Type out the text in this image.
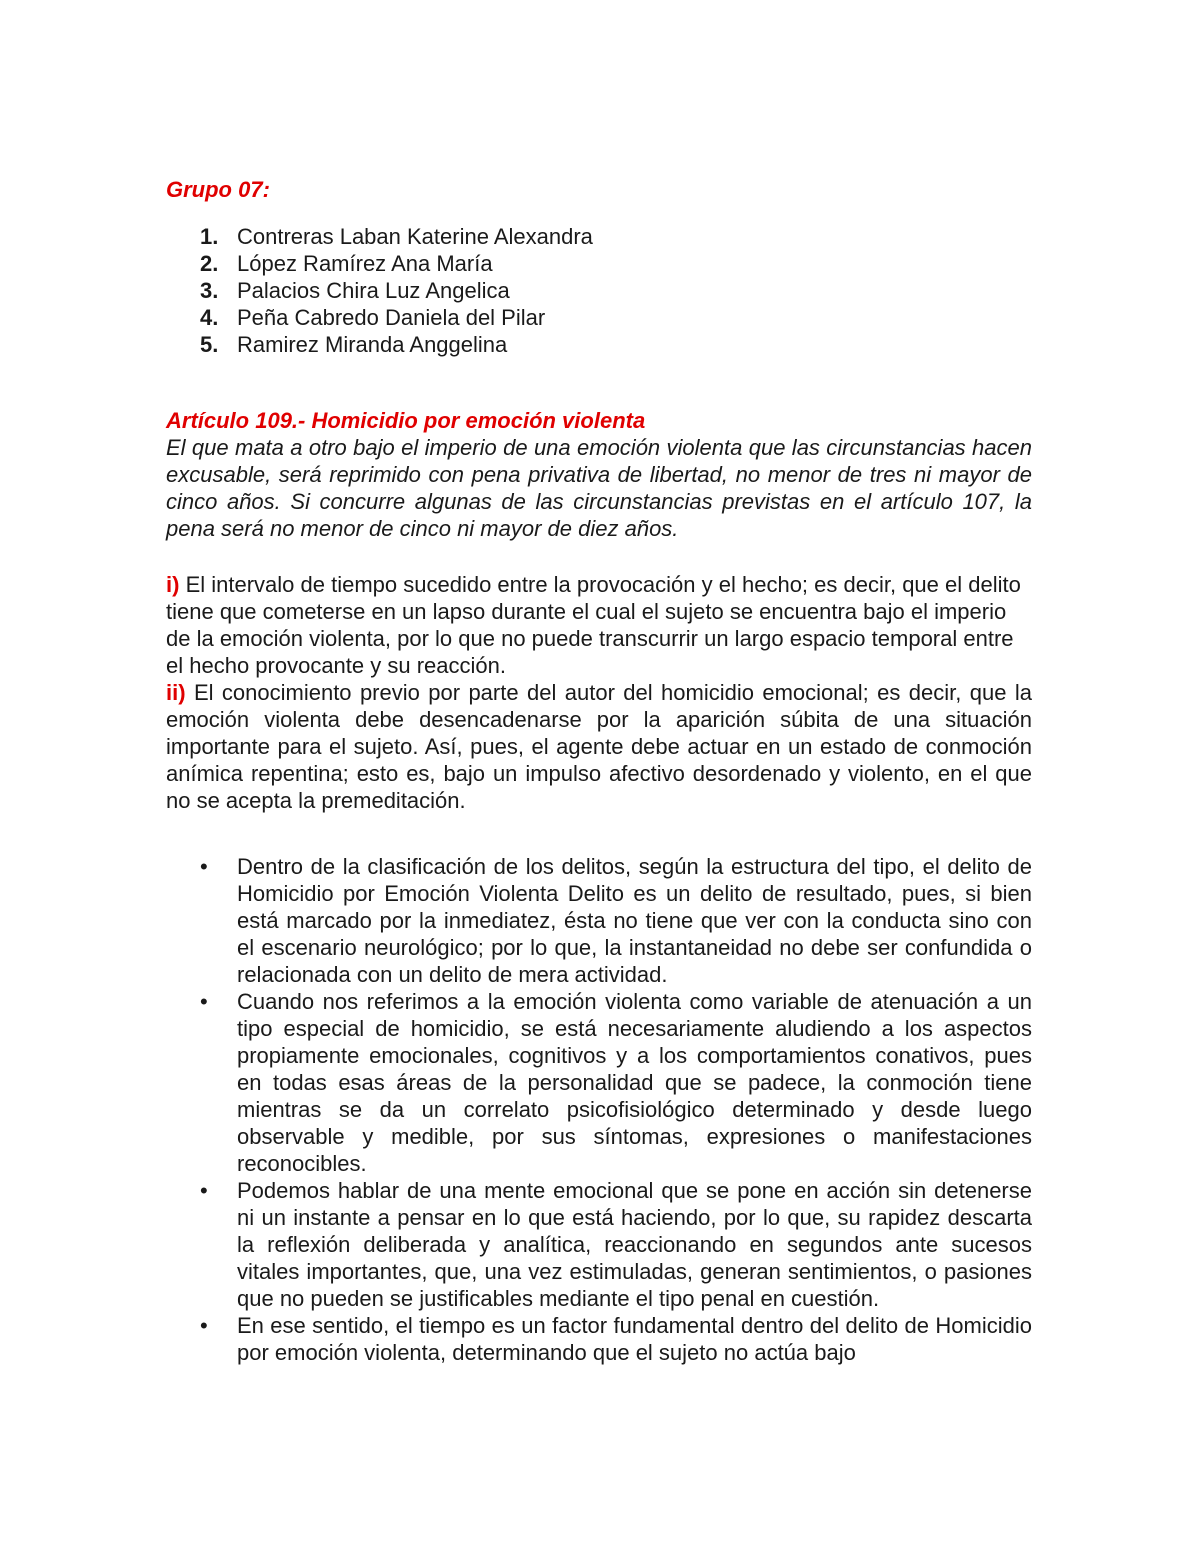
Grupo 07:
1. Contreras Laban Katerine Alexandra
2. López Ramírez Ana María
3. Palacios Chira Luz Angelica
4. Peña Cabredo Daniela del Pilar
5. Ramirez Miranda Anggelina

Artículo 109.- Homicidio por emoción violenta

El que mata a otro bajo el imperio de una emoción violenta que las circunstancias hacen excusable, será reprimido con pena privativa de libertad, no menor de tres ni mayor de cinco años. Si concurre algunas de las circunstancias previstas en el artículo 107, la pena será no menor de cinco ni mayor de diez años.

i) El intervalo de tiempo sucedido entre la provocación y el hecho; es decir, que el delito tiene que cometerse en un lapso durante el cual el sujeto se encuentra bajo el imperio de la emoción violenta, por lo que no puede transcurrir un largo espacio temporal entre el hecho provocante y su reacción.

ii) El conocimiento previo por parte del autor del homicidio emocional; es decir, que la emoción violenta debe desencadenarse por la aparición súbita de una situación importante para el sujeto. Así, pues, el agente debe actuar en un estado de conmoción anímica repentina; esto es, bajo un impulso afectivo desordenado y violento, en el que no se acepta la premeditación.

• Dentro de la clasificación de los delitos, según la estructura del tipo, el delito de Homicidio por Emoción Violenta Delito es un delito de resultado, pues, si bien está marcado por la inmediatez, ésta no tiene que ver con la conducta sino con el escenario neurológico; por lo que, la instantaneidad no debe ser confundida o relacionada con un delito de mera actividad.
• Cuando nos referimos a la emoción violenta como variable de atenuación a un tipo especial de homicidio, se está necesariamente aludiendo a los aspectos propiamente emocionales, cognitivos y a los comportamientos conativos, pues en todas esas áreas de la personalidad que se padece, la conmoción tiene mientras se da un correlato psicofisiológico determinado y desde luego observable y medible, por sus síntomas, expresiones o manifestaciones reconocibles.
• Podemos hablar de una mente emocional que se pone en acción sin detenerse ni un instante a pensar en lo que está haciendo, por lo que, su rapidez descarta la reflexión deliberada y analítica, reaccionando en segundos ante sucesos vitales importantes, que, una vez estimuladas, generan sentimientos, o pasiones que no pueden se justificables mediante el tipo penal en cuestión.
• En ese sentido, el tiempo es un factor fundamental dentro del delito de Homicidio por emoción violenta, determinando que el sujeto no actúa bajo
